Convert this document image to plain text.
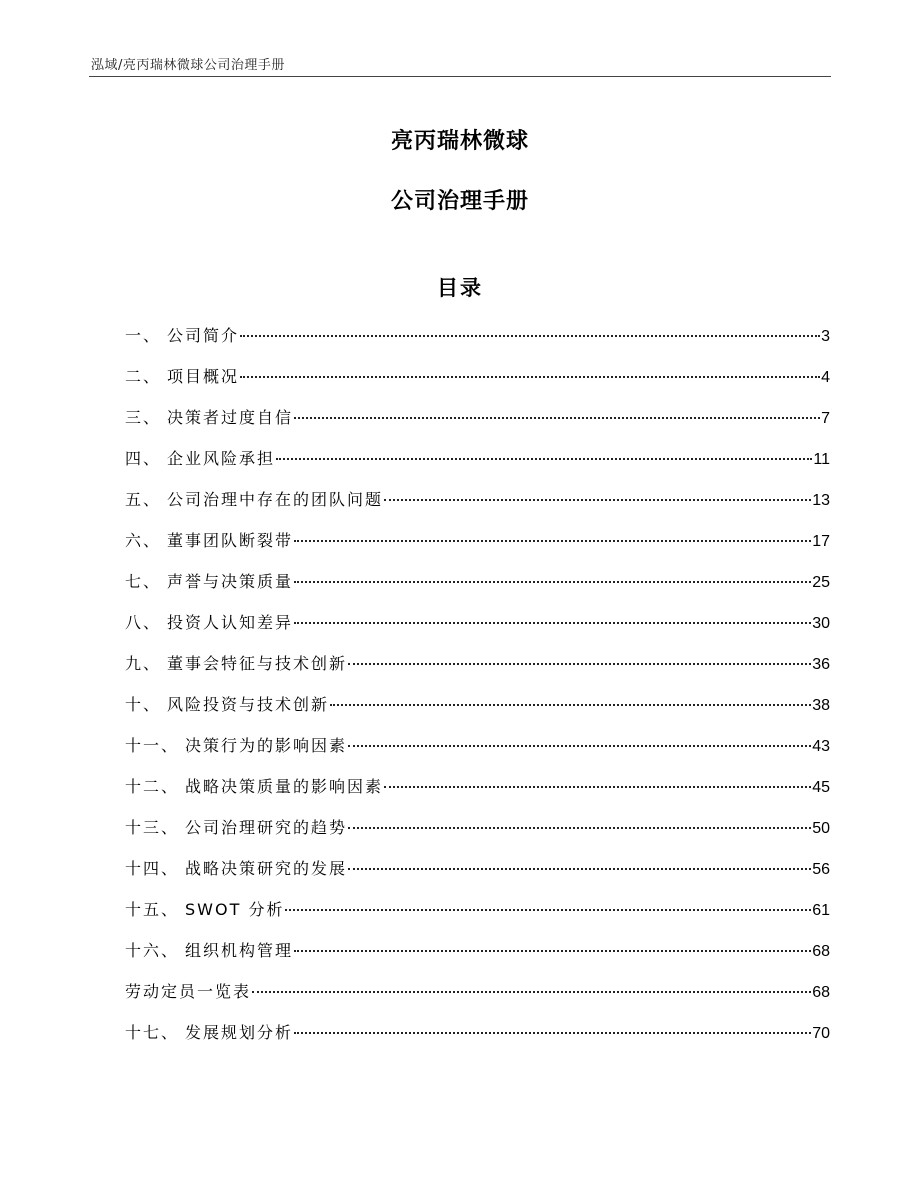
泓域/亮丙瑞林微球公司治理手册
亮丙瑞林微球
公司治理手册
目录
一、 公司简介	3
二、 项目概况	4
三、 决策者过度自信	7
四、 企业风险承担	11
五、 公司治理中存在的团队问题	13
六、 董事团队断裂带	17
七、 声誉与决策质量	25
八、 投资人认知差异	30
九、 董事会特征与技术创新	36
十、 风险投资与技术创新	38
十一、 决策行为的影响因素	43
十二、 战略决策质量的影响因素	45
十三、 公司治理研究的趋势	50
十四、 战略决策研究的发展	56
十五、 SWOT 分析	61
十六、 组织机构管理	68
劳动定员一览表	68
十七、 发展规划分析	70
